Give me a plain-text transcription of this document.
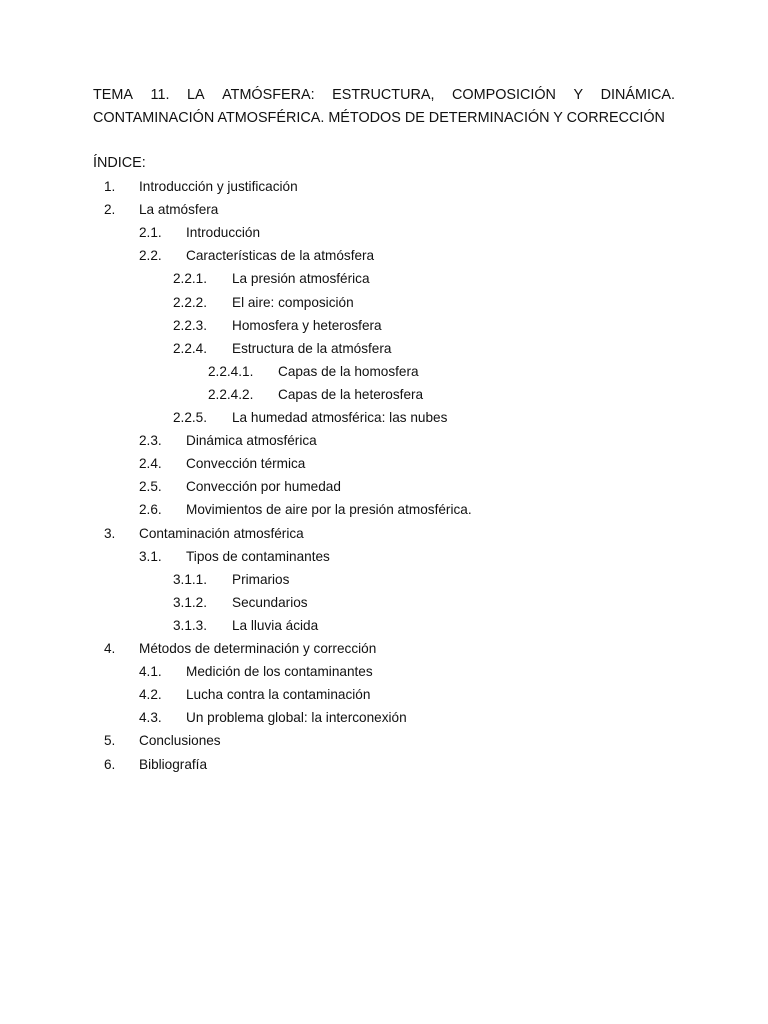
TEMA 11. LA ATMÓSFERA: ESTRUCTURA, COMPOSICIÓN Y DINÁMICA.
CONTAMINACIÓN ATMOSFÉRICA. MÉTODOS DE DETERMINACIÓN Y CORRECCIÓN
ÍNDICE:
1. Introducción y justificación
2. La atmósfera
2.1. Introducción
2.2. Características de la atmósfera
2.2.1. La presión atmosférica
2.2.2. El aire: composición
2.2.3. Homosfera y heterosfera
2.2.4. Estructura de la atmósfera
2.2.4.1. Capas de la homosfera
2.2.4.2. Capas de la heterosfera
2.2.5. La humedad atmosférica: las nubes
2.3. Dinámica atmosférica
2.4. Convección térmica
2.5. Convección por humedad
2.6. Movimientos de aire por la presión atmosférica.
3. Contaminación atmosférica
3.1. Tipos de contaminantes
3.1.1. Primarios
3.1.2. Secundarios
3.1.3. La lluvia ácida
4. Métodos de determinación y corrección
4.1. Medición de los contaminantes
4.2. Lucha contra la contaminación
4.3. Un problema global: la interconexión
5. Conclusiones
6. Bibliografía
